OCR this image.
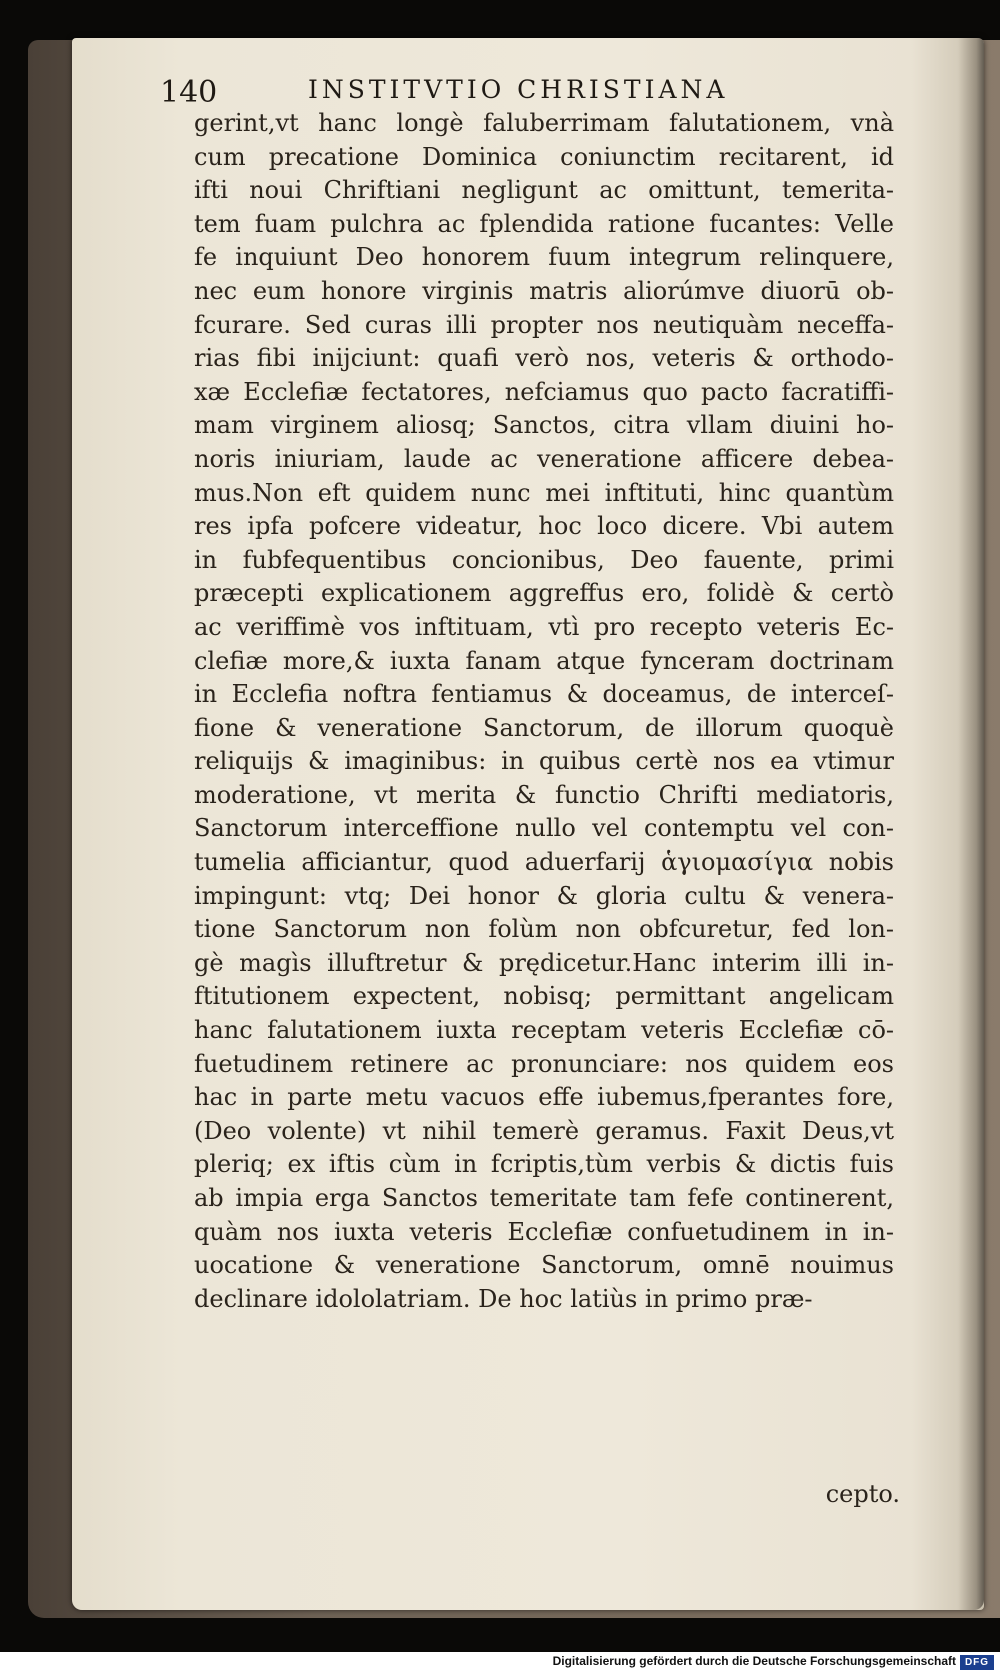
140	INSTITVTIO CHRISTIANA
gerint,vt hanc longè faluberrimam falutationem, vnà
cum precatione Dominica coniunctim recitarent, id
ifti noui Chriftiani negligunt ac omittunt, temerita-
tem fuam pulchra ac fplendida ratione fucantes: Velle
fe inquiunt Deo honorem fuum integrum relinquere,
nec eum honore virginis matris aliorúmve diuorū ob-
fcurare. Sed curas illi propter nos neutiquàm neceffa-
rias fibi inijciunt: quafi verò nos, veteris & orthodo-
xæ Ecclefiæ fectatores, nefciamus quo pacto facratiffi-
mam virginem aliosq; Sanctos, citra vllam diuini ho-
noris iniuriam, laude ac veneratione afficere debea-
mus.Non eft quidem nunc mei inftituti, hinc quantùm
res ipfa pofcere videatur, hoc loco dicere. Vbi autem
in fubfequentibus concionibus, Deo fauente, primi
præcepti explicationem aggreffus ero, folidè & certò
ac veriffimè vos inftituam, vtì pro recepto veteris Ec-
clefiæ more,& iuxta fanam atque fynceram doctrinam
in Ecclefia noftra fentiamus & doceamus, de interceſ-
fione & veneratione Sanctorum, de illorum quoquè
reliquijs & imaginibus: in quibus certè nos ea vtimur
moderatione, vt merita & functio Chrifti mediatoris,
Sanctorum interceffione nullo vel contemptu vel con-
tumelia afficiantur, quod aduerfarij ἁγιομασίγια nobis
impingunt: vtq; Dei honor & gloria cultu & venera-
tione Sanctorum non folùm non obfcuretur, fed lon-
gè magìs illuftretur & prędicetur.Hanc interim illi in-
ftitutionem expectent, nobisq; permittant angelicam
hanc falutationem iuxta receptam veteris Ecclefiæ cō-
fuetudinem retinere ac pronunciare: nos quidem eos
hac in parte metu vacuos effe iubemus,fperantes fore,
(Deo volente) vt nihil temerè geramus. Faxit Deus,vt
pleriq; ex iftis cùm in fcriptis,tùm verbis & dictis fuis
ab impia erga Sanctos temeritate tam fefe continerent,
quàm nos iuxta veteris Ecclefiæ confuetudinem in in-
uocatione & veneratione Sanctorum, omnē nouimus
declinare idololatriam. De hoc latiùs in primo præ-
cepto.
Digitalisierung gefördert durch die Deutsche Forschungsgemeinschaft DFG
